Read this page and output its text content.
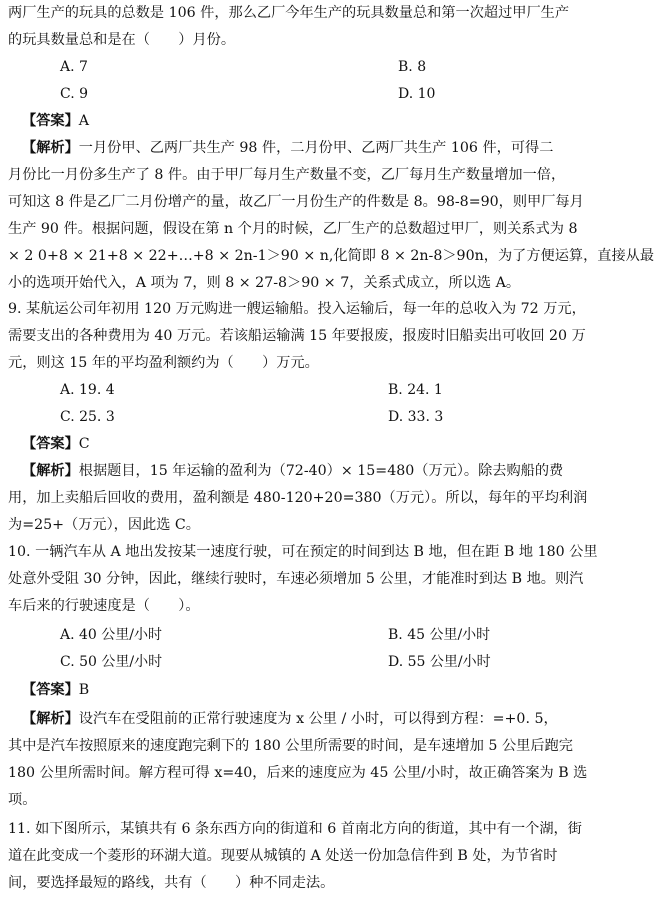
两厂生产的玩具的总数是 106 件，那么乙厂今年生产的玩具数量总和第一次超过甲厂生产
的玩具数量总和是在（　　）月份。
A. 7	B. 8
C. 9	D. 10
【答案】A
【解析】一月份甲、乙两厂共生产 98 件，二月份甲、乙两厂共生产 106 件，可得二
月份比一月份多生产了 8 件。由于甲厂每月生产数量不变，乙厂每月生产数量增加一倍，
可知这 8 件是乙厂二月份增产的量，故乙厂一月份生产的件数是 8。98-8=90，则甲厂每月
生产 90 件。根据问题，假设在第 n 个月的时候，乙厂生产的总数超过甲厂，则关系式为 8
× 2 0+8 × 21+8 × 22+…+8 × 2n-1＞90 × n,化简即 8 × 2n-8＞90n，为了方便运算，直接从最
小的选项开始代入，A 项为 7，则 8 × 27-8＞90 × 7，关系式成立，所以选 A。
9. 某航运公司年初用 120 万元购进一艘运输船。投入运输后，每一年的总收入为 72 万元，
需要支出的各种费用为 40 万元。若该船运输满 15 年要报废，报废时旧船卖出可收回 20 万
元，则这 15 年的平均盈利额约为（　　）万元。
A. 19. 4	B. 24. 1
C. 25. 3	D. 33. 3
【答案】C
【解析】根据题目，15 年运输的盈利为（72-40）× 15=480（万元）。除去购船的费
用，加上卖船后回收的费用，盈利额是 480-120+20=380（万元）。所以，每年的平均利润
为=25+（万元），因此选 C。
10. 一辆汽车从 A 地出发按某一速度行驶，可在预定的时间到达 B 地，但在距 B 地 180 公里
处意外受阻 30 分钟，因此，继续行驶时，车速必须增加 5 公里，才能准时到达 B 地。则汽
车后来的行驶速度是（　　）。
A. 40 公里/小时	B. 45 公里/小时
C. 50 公里/小时	D. 55 公里/小时
【答案】B
【解析】设汽车在受阻前的正常行驶速度为 x 公里 / 小时，可以得到方程：=+0. 5，
其中是汽车按照原来的速度跑完剩下的 180 公里所需要的时间，是车速增加 5 公里后跑完
180 公里所需时间。解方程可得 x=40，后来的速度应为 45 公里/小时，故正确答案为 B 选
项。
11. 如下图所示，某镇共有 6 条东西方向的街道和 6 首南北方向的街道，其中有一个湖，街
道在此变成一个菱形的环湖大道。现要从城镇的 A 处送一份加急信件到 B 处，为节省时
间，要选择最短的路线，共有（　　）种不同走法。
